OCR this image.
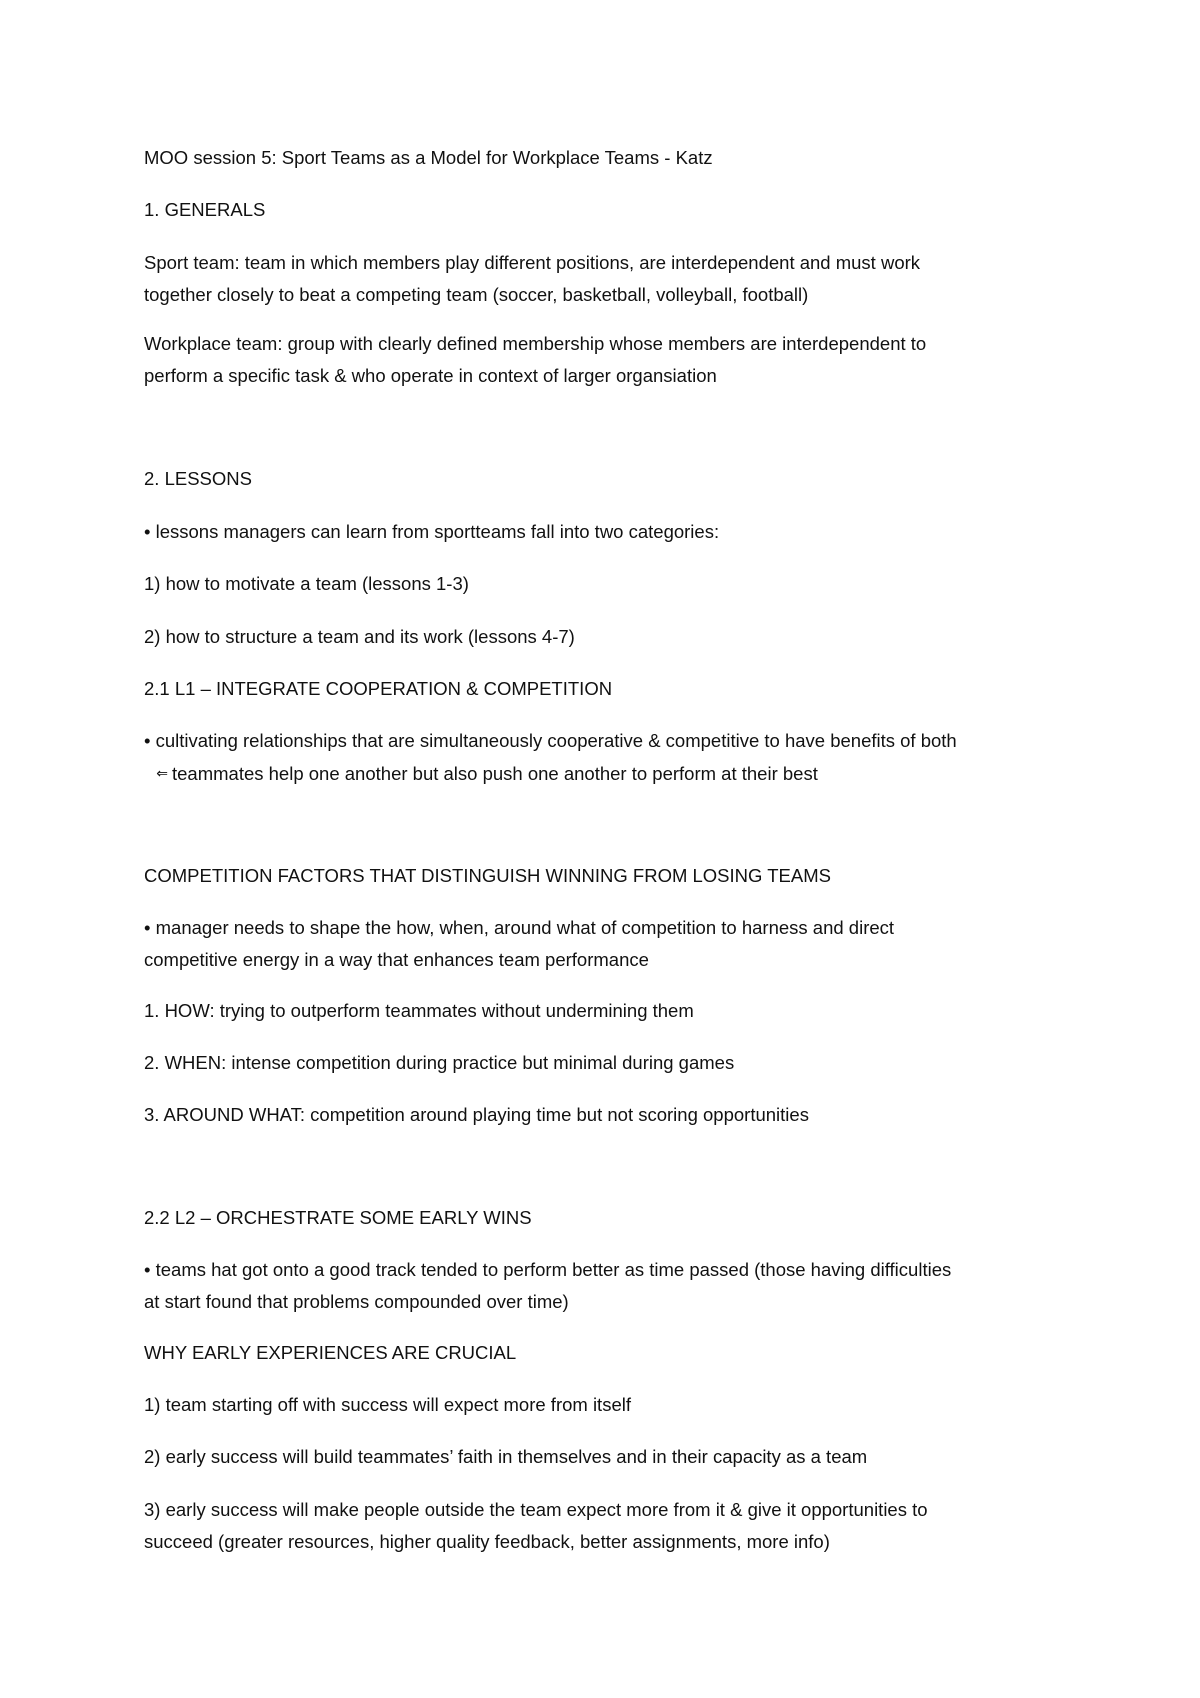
MOO session 5: Sport Teams as a Model for Workplace Teams - Katz
1. GENERALS
Sport team: team in which members play different positions, are interdependent and must work
together closely to beat a competing team (soccer, basketball, volleyball, football)
Workplace team: group with clearly defined membership whose members are interdependent to
perform a specific task & who operate in context of larger organsiation
2. LESSONS
• lessons managers can learn from sportteams fall into two categories:
1) how to motivate a team (lessons 1-3)
2) how to structure a team and its work (lessons 4-7)
2.1 L1 – INTEGRATE COOPERATION & COMPETITION
• cultivating relationships that are simultaneously cooperative & competitive to have benefits of both
⇐ teammates help one another but also push one another to perform at their best
COMPETITION FACTORS THAT DISTINGUISH WINNING FROM LOSING TEAMS
• manager needs to shape the how, when, around what of competition to harness and direct
competitive energy in a way that enhances team performance
1. HOW: trying to outperform teammates without undermining them
2. WHEN: intense competition during practice but minimal during games
3. AROUND WHAT: competition around playing time but not scoring opportunities
2.2 L2 – ORCHESTRATE SOME EARLY WINS
• teams hat got onto a good track tended to perform better as time passed (those having difficulties
at start found that problems compounded over time)
WHY EARLY EXPERIENCES ARE CRUCIAL
1) team starting off with success will expect more from itself
2) early success will build teammates’ faith in themselves and in their capacity as a team
3) early success will make people outside the team expect more from it & give it opportunities to
succeed (greater resources, higher quality feedback, better assignments, more info)
